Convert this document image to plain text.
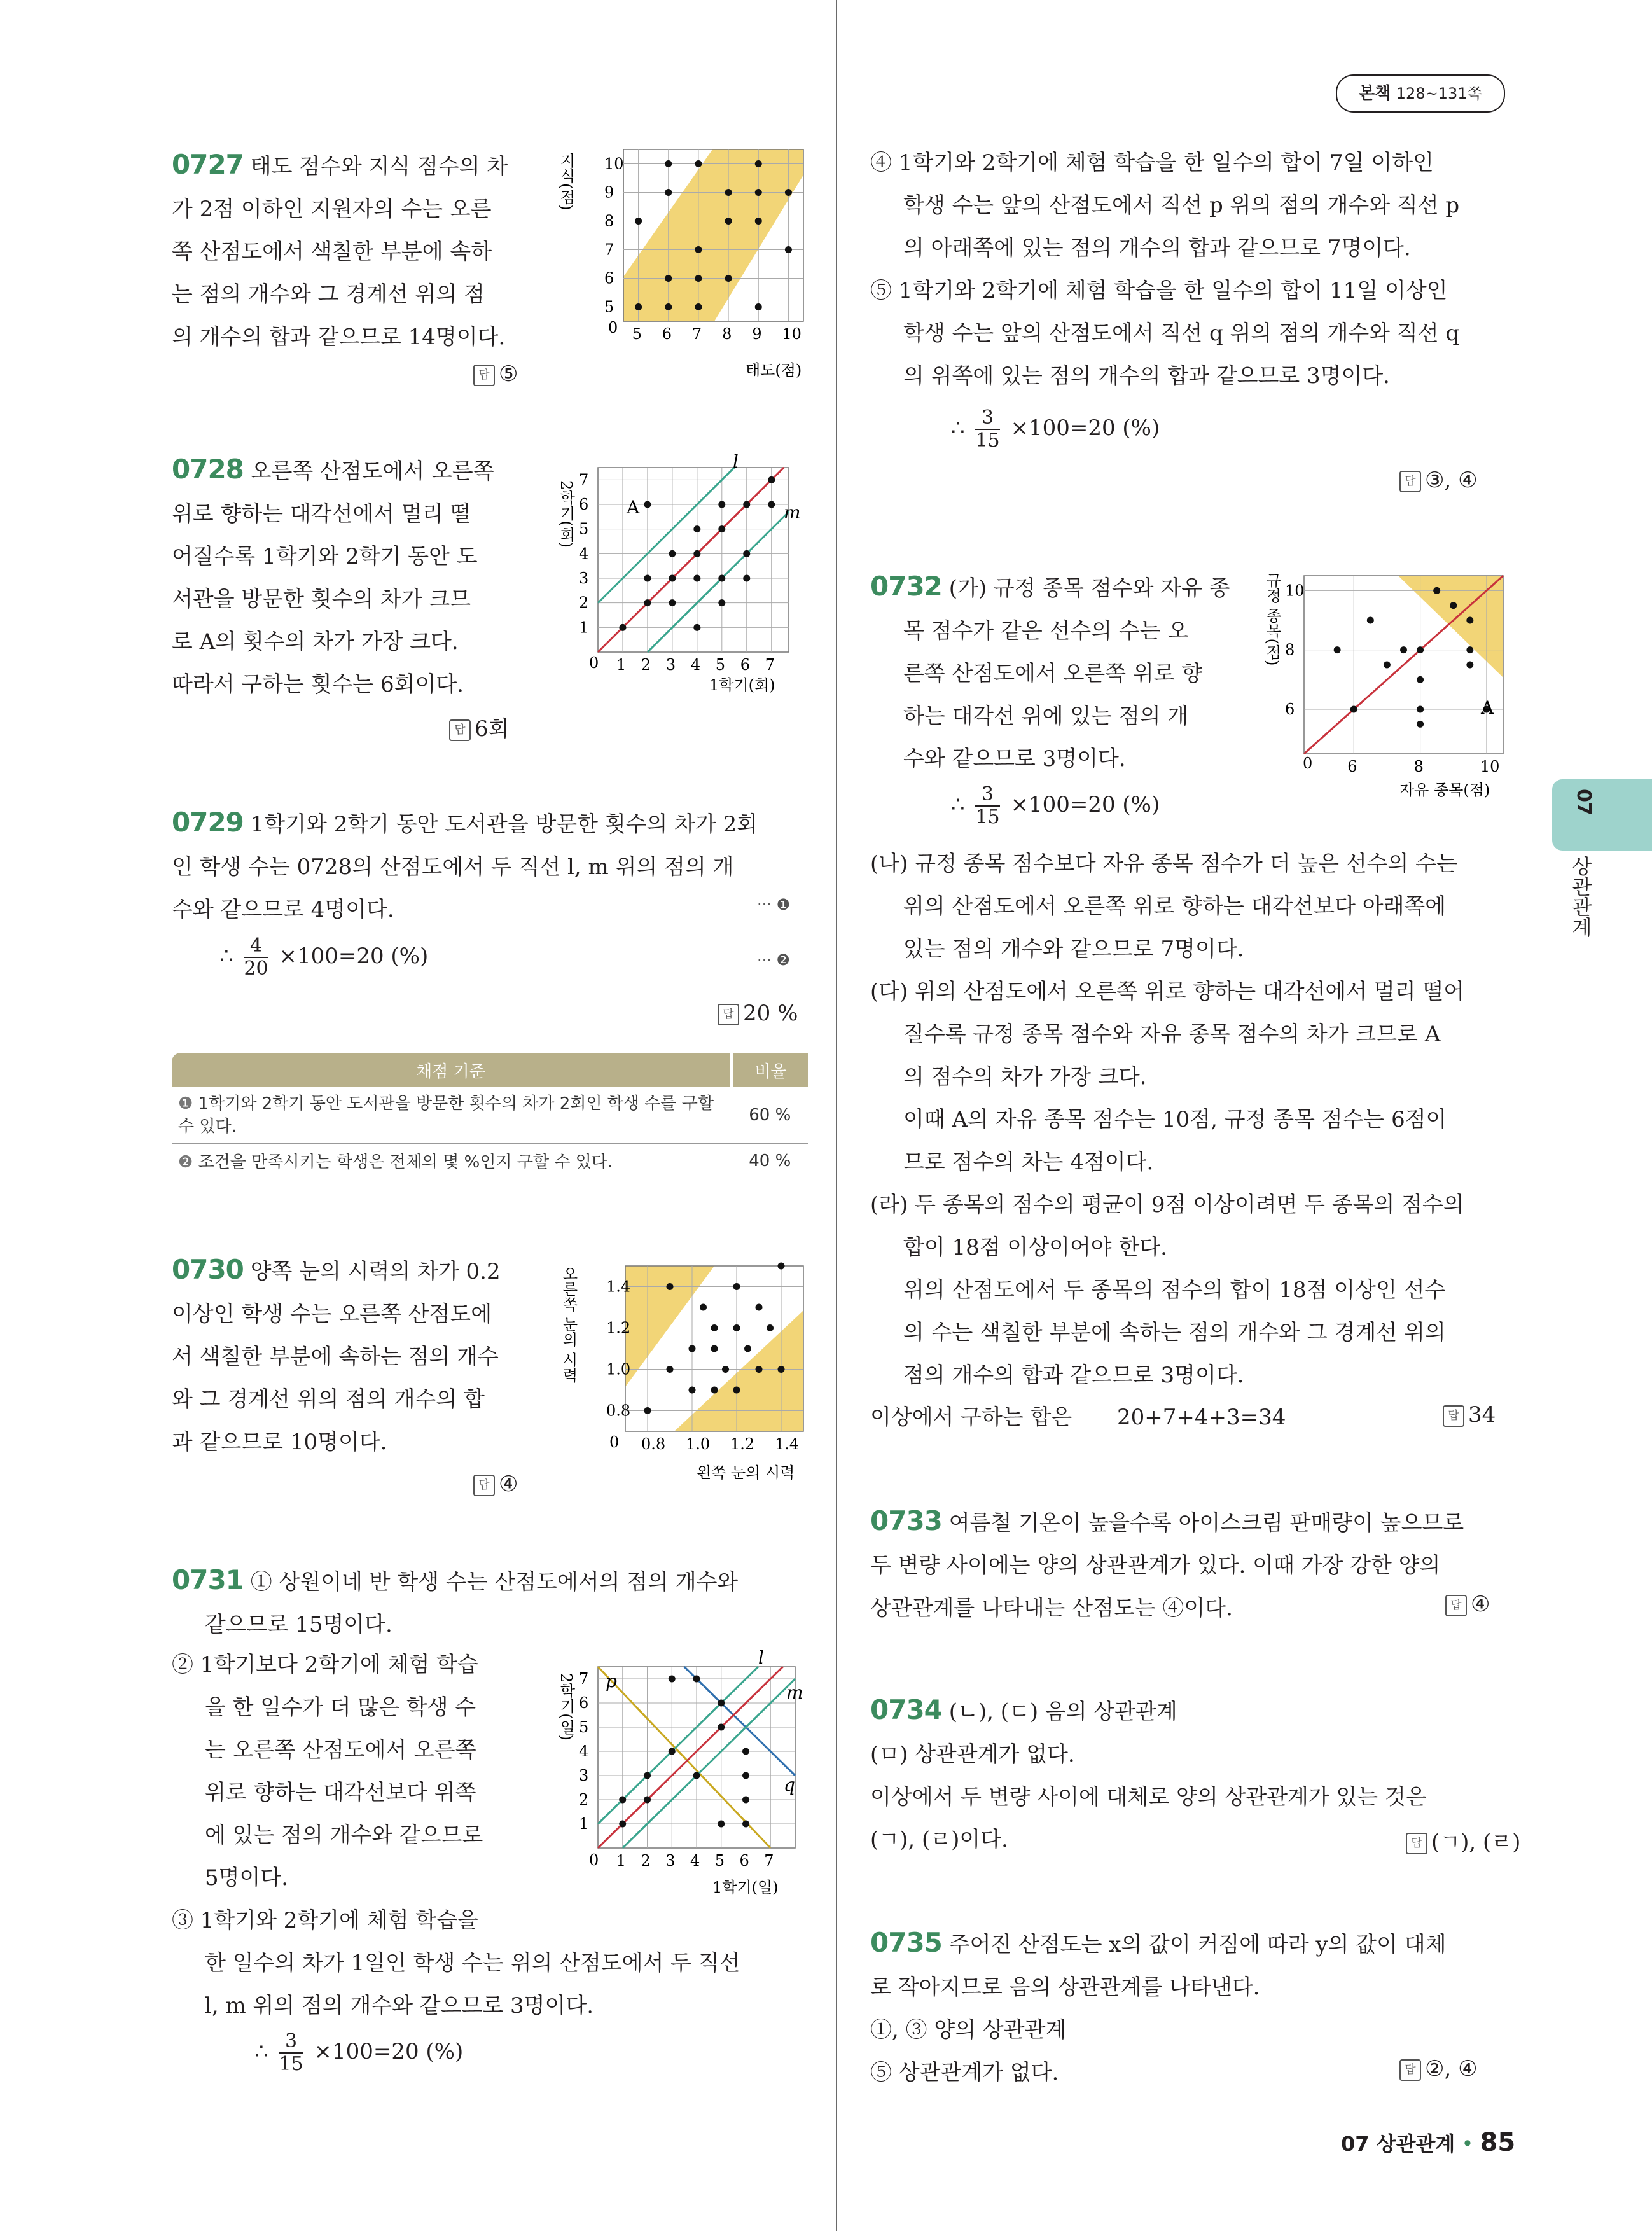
본책 128~131쪽
07
상관관계
0727 태도 점수와 지식 점수의 차
가 2점 이하인 지원자의 수는 오른
쪽 산점도에서 색칠한 부분에 속하
는 점의 개수와 그 경계선 위의 점
의 개수의 합과 같으므로 14명이다.
답 ⑤
5 6 7 8 9 10
5
6
7
8
9
10
지식(점)
태도(점)
0
0728 오른쪽 산점도에서 오른쪽
위로 향하는 대각선에서 멀리 떨
어질수록 1학기와 2학기 동안 도
서관을 방문한 횟수의 차가 크므
로 A의 횟수의 차가 가장 크다.
따라서 구하는 횟수는 6회이다.
답 6회
1 2 3 4 5 6 7
1
2
3
4
5
6
7
2학기(회)
1학기(회)
0
l
m
A
0729 1학기와 2학기 동안 도서관을 방문한 횟수의 차가 2회
인 학생 수는 0728의 산점도에서 두 직선 l, m 위의 점의 개
수와 같으므로 4명이다.	··· ❶
∴ $\frac{4}{20} \times 100=20$ (%)	··· ❷
답 20 %
채점 기준	비율
❶ 1학기와 2학기 동안 도서관을 방문한 횟수의 차가 2회인 학생 수를 구할 수 있다.	60 %
❷ 조건을 만족시키는 학생은 전체의 몇 %인지 구할 수 있다.	40 %
0730 양쪽 눈의 시력의 차가 0.2
이상인 학생 수는 오른쪽 산점도에
서 색칠한 부분에 속하는 점의 개수
와 그 경계선 위의 점의 개수의 합
과 같으므로 10명이다.
답 ④
0.8 1.0 1.2 1.4
0.8
1.0
1.2
1.4
오른쪽 눈의 시력
왼쪽 눈의 시력
0
0731 ① 상원이네 반 학생 수는 산점도에서의 점의 개수와
같으므로 15명이다.
② 1학기보다 2학기에 체험 학습
을 한 일수가 더 많은 학생 수
는 오른쪽 산점도에서 오른쪽
위로 향하는 대각선보다 위쪽
에 있는 점의 개수와 같으므로
5명이다.
③ 1학기와 2학기에 체험 학습을
한 일수의 차가 1일인 학생 수는 위의 산점도에서 두 직선
l, m 위의 점의 개수와 같으므로 3명이다.
∴ $\frac{3}{15} \times 100=20$ (%)
1 2 3 4 5 6 7
1
2
3
4
5
6
7
2학기(일)
1학기(일)
0
l
m
p
q
④ 1학기와 2학기에 체험 학습을 한 일수의 합이 7일 이하인
학생 수는 앞의 산점도에서 직선 p 위의 점의 개수와 직선 p
의 아래쪽에 있는 점의 개수의 합과 같으므로 7명이다.
⑤ 1학기와 2학기에 체험 학습을 한 일수의 합이 11일 이상인
학생 수는 앞의 산점도에서 직선 q 위의 점의 개수와 직선 q
의 위쪽에 있는 점의 개수의 합과 같으므로 3명이다.
∴ $\frac{3}{15} \times 100=20$ (%)
답 ③, ④
0732 (가) 규정 종목 점수와 자유 종
목 점수가 같은 선수의 수는 오
른쪽 산점도에서 오른쪽 위로 향
하는 대각선 위에 있는 점의 개
수와 같으므로 3명이다.
∴ $\frac{3}{15} \times 100=20$ (%)
6	8	10
6
8
10
규정 종목(점)
자유 종목(점)
0
A
(나) 규정 종목 점수보다 자유 종목 점수가 더 높은 선수의 수는
위의 산점도에서 오른쪽 위로 향하는 대각선보다 아래쪽에
있는 점의 개수와 같으므로 7명이다.
(다) 위의 산점도에서 오른쪽 위로 향하는 대각선에서 멀리 떨어
질수록 규정 종목 점수와 자유 종목 점수의 차가 크므로 A
의 점수의 차가 가장 크다.
이때 A의 자유 종목 점수는 10점, 규정 종목 점수는 6점이
므로 점수의 차는 4점이다.
(라) 두 종목의 점수의 평균이 9점 이상이려면 두 종목의 점수의
합이 18점 이상이어야 한다.
위의 산점도에서 두 종목의 점수의 합이 18점 이상인 선수
의 수는 색칠한 부분에 속하는 점의 개수와 그 경계선 위의
점의 개수의 합과 같으므로 3명이다.
이상에서 구하는 합은 20+7+4+3=34	답 34
0733 여름철 기온이 높을수록 아이스크림 판매량이 높으므로
두 변량 사이에는 양의 상관관계가 있다. 이때 가장 강한 양의
상관관계를 나타내는 산점도는 ④이다.	답 ④
0734 (ㄴ), (ㄷ) 음의 상관관계
(ㅁ) 상관관계가 없다.
이상에서 두 변량 사이에 대체로 양의 상관관계가 있는 것은
(ㄱ), (ㄹ)이다.	답 (ㄱ), (ㄹ)
0735 주어진 산점도는 x의 값이 커짐에 따라 y의 값이 대체
로 작아지므로 음의 상관관계를 나타낸다.
①, ③ 양의 상관관계
⑤ 상관관계가 없다.	답 ②, ④
07 상관관계 • 85
